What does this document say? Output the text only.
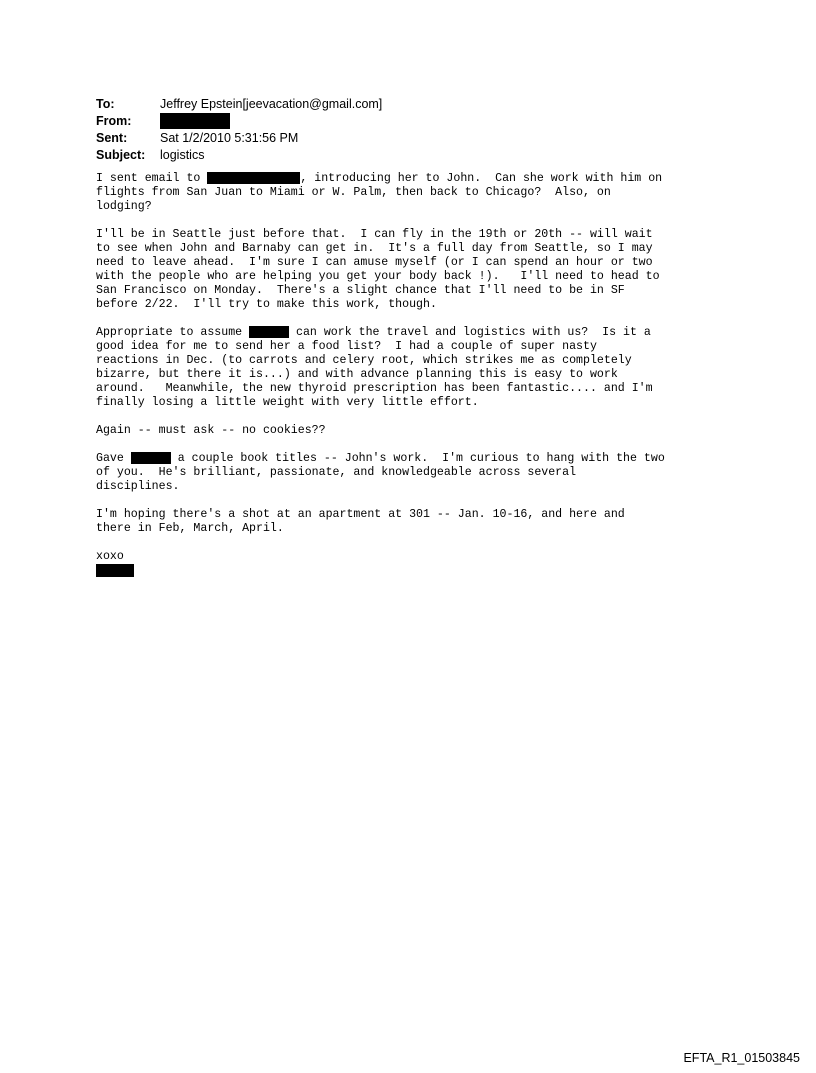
To:	Jeffrey Epstein[jeevacation@gmail.com]
From:
Sent:	Sat 1/2/2010 5:31:56 PM
Subject:	logistics
I sent email to	, introducing her to John.  Can she work with him on
flights from San Juan to Miami or W. Palm, then back to Chicago?  Also, on
lodging?
I'll be in Seattle just before that.  I can fly in the 19th or 20th -- will wait
to see when John and Barnaby can get in.  It's a full day from Seattle, so I may
need to leave ahead.  I'm sure I can amuse myself (or I can spend an hour or two
with the people who are helping you get your body back !).   I'll need to head to
San Francisco on Monday.  There's a slight chance that I'll need to be in SF
before 2/22.  I'll try to make this work, though.
Appropriate to assume	can work the travel and logistics with us?  Is it a
good idea for me to send her a food list?  I had a couple of super nasty
reactions in Dec. (to carrots and celery root, which strikes me as completely
bizarre, but there it is...) and with advance planning this is easy to work
around.   Meanwhile, the new thyroid prescription has been fantastic.... and I'm
finally losing a little weight with very little effort.
Again -- must ask -- no cookies??
Gave	a couple book titles -- John's work.  I'm curious to hang with the two
of you.  He's brilliant, passionate, and knowledgeable across several
disciplines.
I'm hoping there's a shot at an apartment at 301 -- Jan. 10-16, and here and
there in Feb, March, April.
xoxo
EFTA_R1_01503845
